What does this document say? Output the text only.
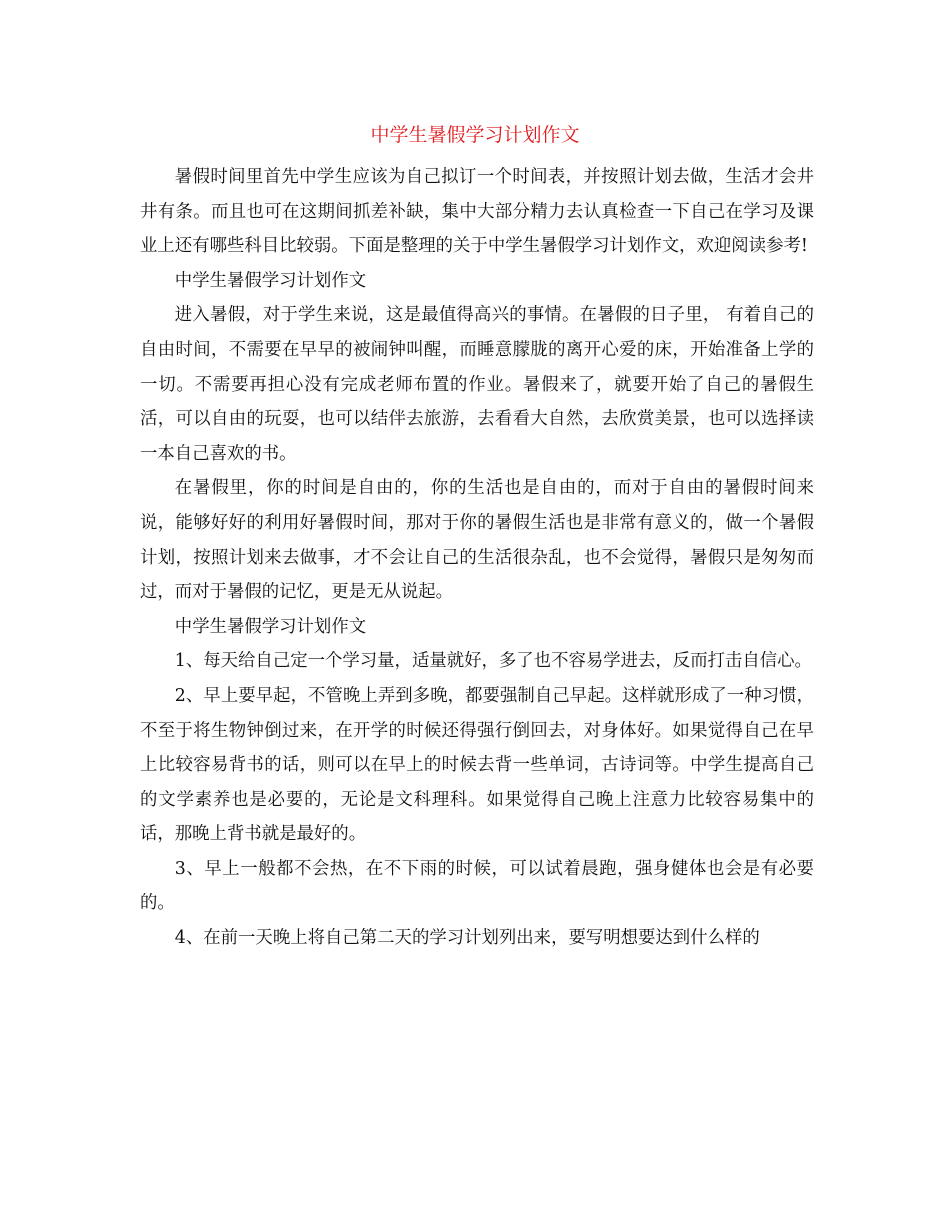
中学生暑假学习计划作文

暑假时间里首先中学生应该为自己拟订一个时间表，并按照计划去做，生活才会井井有条。而且也可在这期间抓差补缺，集中大部分精力去认真检查一下自己在学习及课业上还有哪些科目比较弱。下面是整理的关于中学生暑假学习计划作文，欢迎阅读参考!

中学生暑假学习计划作文

进入暑假，对于学生来说，这是最值得高兴的事情。在暑假的日子里， 有着自己的自由时间，不需要在早早的被闹钟叫醒，而睡意朦胧的离开心爱的床，开始准备上学的一切。不需要再担心没有完成老师布置的作业。暑假来了，就要开始了自己的暑假生活，可以自由的玩耍，也可以结伴去旅游，去看看大自然，去欣赏美景，也可以选择读一本自己喜欢的书。

在暑假里，你的时间是自由的，你的生活也是自由的，而对于自由的暑假时间来说，能够好好的利用好暑假时间，那对于你的暑假生活也是非常有意义的，做一个暑假计划，按照计划来去做事，才不会让自己的生活很杂乱，也不会觉得，暑假只是匆匆而过，而对于暑假的记忆，更是无从说起。

中学生暑假学习计划作文

1、每天给自己定一个学习量，适量就好，多了也不容易学进去，反而打击自信心。

2、早上要早起，不管晚上弄到多晚，都要强制自己早起。这样就形成了一种习惯，不至于将生物钟倒过来，在开学的时候还得强行倒回去，对身体好。如果觉得自己在早上比较容易背书的话，则可以在早上的时候去背一些单词，古诗词等。中学生提高自己的文学素养也是必要的，无论是文科理科。如果觉得自己晚上注意力比较容易集中的话，那晚上背书就是最好的。

3、早上一般都不会热，在不下雨的时候，可以试着晨跑，强身健体也会是有必要的。

4、在前一天晚上将自己第二天的学习计划列出来，要写明想要达到什么样的
